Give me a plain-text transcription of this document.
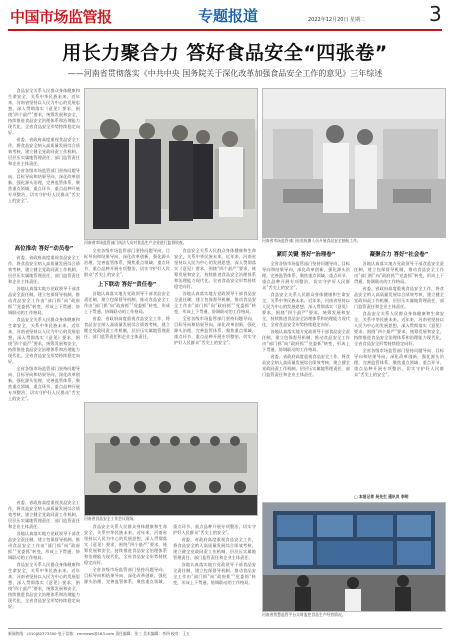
中国市场监管报	专题报道	2022年12月20日 星期二	3
用长力聚合力 答好食品安全“四张卷”
——河南省贯彻落实《中共中央 国务院关于深化改革加强食品安全工作的意见》三年综述

食品安全关系人民群众身体健康和生命安全，关系中华民族未来。近年来，河南省坚持以人民为中心的发展思想，深入贯彻落实《意见》要求，围绕“四个最严”要求，统筹发展和安全，持续推进食品安全治理体系和治理能力现代化，全省食品安全形势持续稳定向好。

省委、省政府高度重视食品安全工作，将食品安全纳入高质量发展综合绩效考核，建立健全党政同责工作机制，层层压实属地管理责任、部门监管责任和企业主体责任。

全省各级市场监管部门坚持问题导向、目标导向和结果导向，深化改革创新，强化源头治理，完善监管体系，聚焦重点领域、重点环节、重点品种开展专项整治，切实守护好人民群众“舌尖上的安全”。

河南省市场监管部门执法人员对食品生产企业进行监督检查。	河南省市场监管部门检验检测人员开展食品安全抽检工作。
高位推动 答好“动员卷”

省委、省政府高度重视食品安全工作，将食品安全纳入高质量发展综合绩效考核，建立健全党政同责工作机制，层层压实属地管理责任、部门监管责任和企业主体责任。

各地认真落实地方党政领导干部食品安全责任制，建立包保督导机制，推动食品安全工作由“部门抓”向“政府抓”“党委抓”转变，形成上下贯通、协调联动的工作格局。

食品安全关系人民群众身体健康和生命安全，关系中华民族未来。近年来，河南省坚持以人民为中心的发展思想，深入贯彻落实《意见》要求，围绕“四个最严”要求，统筹发展和安全，持续推进食品安全治理体系和治理能力现代化，全省食品安全形势持续稳定向好。

全省各级市场监管部门坚持问题导向、目标导向和结果导向，深化改革创新，强化源头治理，完善监管体系，聚焦重点领域、重点环节、重点品种开展专项整治，切实守护好人民群众“舌尖上的安全”。

全省各级市场监管部门坚持问题导向、目标导向和结果导向，深化改革创新，强化源头治理，完善监管体系，聚焦重点领域、重点环节、重点品种开展专项整治，切实守护好人民群众“舌尖上的安全”。

上下联动 答好“责任卷”

各地认真落实地方党政领导干部食品安全责任制，建立包保督导机制，推动食品安全工作由“部门抓”向“政府抓”“党委抓”转变，形成上下贯通、协调联动的工作格局。

省委、省政府高度重视食品安全工作，将食品安全纳入高质量发展综合绩效考核，建立健全党政同责工作机制，层层压实属地管理责任、部门监管责任和企业主体责任。

食品安全关系人民群众身体健康和生命安全，关系中华民族未来。近年来，河南省坚持以人民为中心的发展思想，深入贯彻落实《意见》要求，围绕“四个最严”要求，统筹发展和安全，持续推进食品安全治理体系和治理能力现代化，全省食品安全形势持续稳定向好。

各地认真落实地方党政领导干部食品安全责任制，建立包保督导机制，推动食品安全工作由“部门抓”向“政府抓”“党委抓”转变，形成上下贯通、协调联动的工作格局。

全省各级市场监管部门坚持问题导向、目标导向和结果导向，深化改革创新，强化源头治理，完善监管体系，聚焦重点领域、重点环节、重点品种开展专项整治，切实守护好人民群众“舌尖上的安全”。

紧盯关键 答好“治理卷”

全省各级市场监管部门坚持问题导向、目标导向和结果导向，深化改革创新，强化源头治理，完善监管体系，聚焦重点领域、重点环节、重点品种开展专项整治，切实守护好人民群众“舌尖上的安全”。

食品安全关系人民群众身体健康和生命安全，关系中华民族未来。近年来，河南省坚持以人民为中心的发展思想，深入贯彻落实《意见》要求，围绕“四个最严”要求，统筹发展和安全，持续推进食品安全治理体系和治理能力现代化，全省食品安全形势持续稳定向好。

各地认真落实地方党政领导干部食品安全责任制，建立包保督导机制，推动食品安全工作由“部门抓”向“政府抓”“党委抓”转变，形成上下贯通、协调联动的工作格局。

省委、省政府高度重视食品安全工作，将食品安全纳入高质量发展综合绩效考核，建立健全党政同责工作机制，层层压实属地管理责任、部门监管责任和企业主体责任。

凝聚合力 答好“社会卷”

各地认真落实地方党政领导干部食品安全责任制，建立包保督导机制，推动食品安全工作由“部门抓”向“政府抓”“党委抓”转变，形成上下贯通、协调联动的工作格局。

省委、省政府高度重视食品安全工作，将食品安全纳入高质量发展综合绩效考核，建立健全党政同责工作机制，层层压实属地管理责任、部门监管责任和企业主体责任。

食品安全关系人民群众身体健康和生命安全，关系中华民族未来。近年来，河南省坚持以人民为中心的发展思想，深入贯彻落实《意见》要求，围绕“四个最严”要求，统筹发展和安全，持续推进食品安全治理体系和治理能力现代化，全省食品安全形势持续稳定向好。

全省各级市场监管部门坚持问题导向、目标导向和结果导向，深化改革创新，强化源头治理，完善监管体系，聚焦重点领域、重点环节、重点品种开展专项整治，切实守护好人民群众“舌尖上的安全”。

河南省食品安全工作会议现场。

省委、省政府高度重视食品安全工作，将食品安全纳入高质量发展综合绩效考核，建立健全党政同责工作机制，层层压实属地管理责任、部门监管责任和企业主体责任。

各地认真落实地方党政领导干部食品安全责任制，建立包保督导机制，推动食品安全工作由“部门抓”向“政府抓”“党委抓”转变，形成上下贯通、协调联动的工作格局。

食品安全关系人民群众身体健康和生命安全，关系中华民族未来。近年来，河南省坚持以人民为中心的发展思想，深入贯彻落实《意见》要求，围绕“四个最严”要求，统筹发展和安全，持续推进食品安全治理体系和治理能力现代化，全省食品安全形势持续稳定向好。

食品安全关系人民群众身体健康和生命安全，关系中华民族未来。近年来，河南省坚持以人民为中心的发展思想，深入贯彻落实《意见》要求，围绕“四个最严”要求，统筹发展和安全，持续推进食品安全治理体系和治理能力现代化，全省食品安全形势持续稳定向好。

全省各级市场监管部门坚持问题导向、目标导向和结果导向，深化改革创新，强化源头治理，完善监管体系，聚焦重点领域、重点环节、重点品种开展专项整治，切实守护好人民群众“舌尖上的安全”。

省委、省政府高度重视食品安全工作，将食品安全纳入高质量发展综合绩效考核，建立健全党政同责工作机制，层层压实属地管理责任、部门监管责任和企业主体责任。

各地认真落实地方党政领导干部食品安全责任制，建立包保督导机制，推动食品安全工作由“部门抓”向“政府抓”“党委抓”转变，形成上下贯通、协调联动的工作格局。

河南省智慧监管平台实时监控食品生产经营情况。
□ 本报记者 吴先生 通讯员 李明
新闻热线：(010)82773300 电子信箱：cmrnews@163.com 责任编辑：张三 美术编辑：李四 校对：王五
